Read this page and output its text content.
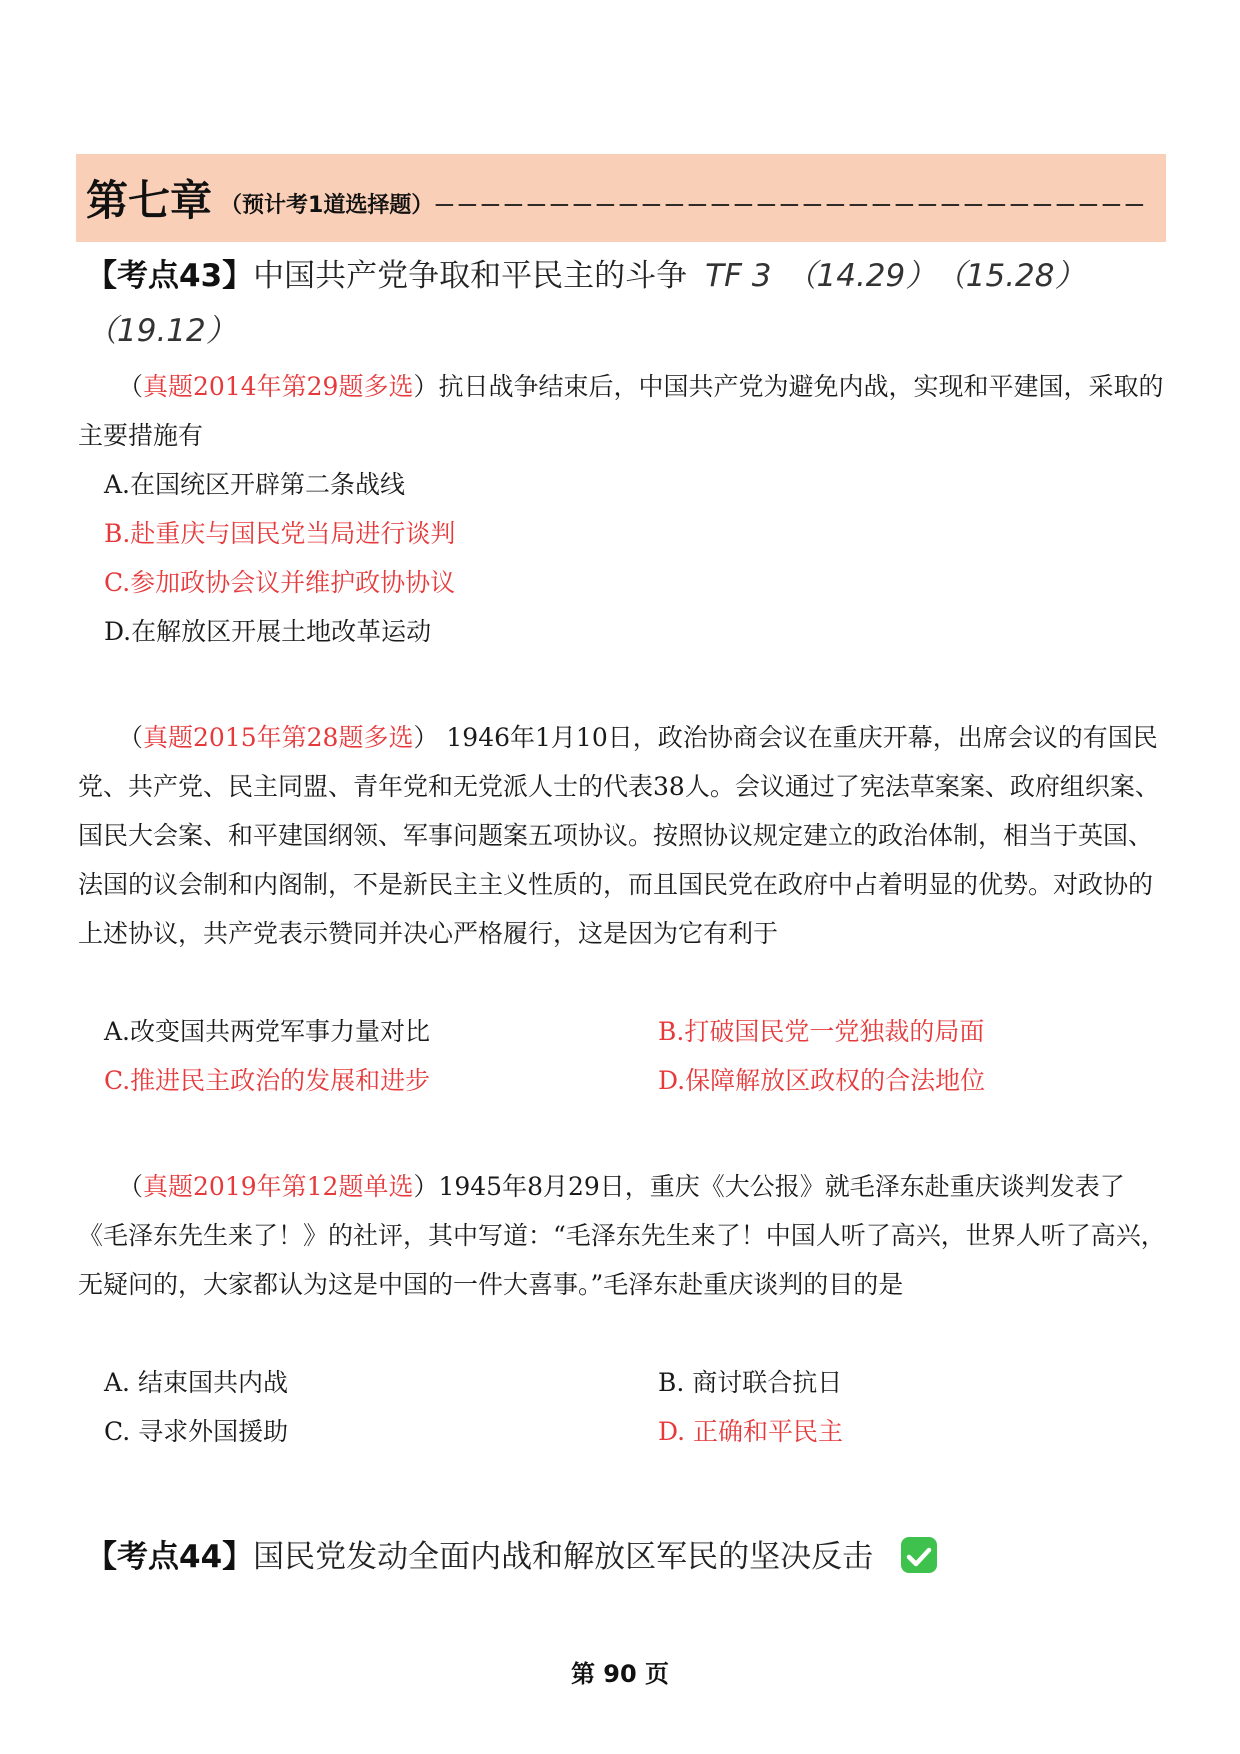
第七章 （预计考1道选择题） －－－－－－－－－－－－－－－－－－－－－－－－－－－－－－－
【考点43】中国共产党争取和平民主的斗争 TF 3 （14.29） （15.28）
（19.12）

（真题2014年第29题多选）抗日战争结束后，中国共产党为避免内战，实现和平建国，采取的主要措施有

A.在国统区开辟第二条战线
B.赴重庆与国民党当局进行谈判
C.参加政协会议并维护政协协议
D.在解放区开展土地改革运动

（真题2015年第28题多选） 1946年1月10日，政治协商会议在重庆开幕，出席会议的有国民党、共产党、民主同盟、青年党和无党派人士的代表38人。会议通过了宪法草案案、政府组织案、国民大会案、和平建国纲领、军事问题案五项协议。按照协议规定建立的政治体制，相当于英国、法国的议会制和内阁制，不是新民主主义性质的，而且国民党在政府中占着明显的优势。对政协的上述协议，共产党表示赞同并决心严格履行，这是因为它有利于

A.改变国共两党军事力量对比	B.打破国民党一党独裁的局面
C.推进民主政治的发展和进步	D.保障解放区政权的合法地位

（真题2019年第12题单选）1945年8月29日，重庆《大公报》就毛泽东赴重庆谈判发表了《毛泽东先生来了！》的社评，其中写道：“毛泽东先生来了！中国人听了高兴，世界人听了高兴，无疑问的，大家都认为这是中国的一件大喜事。”毛泽东赴重庆谈判的目的是

A. 结束国共内战	B. 商讨联合抗日
C. 寻求外国援助	D. 正确和平民主
【考点44】国民党发动全面内战和解放区军民的坚决反击
第 90 页
